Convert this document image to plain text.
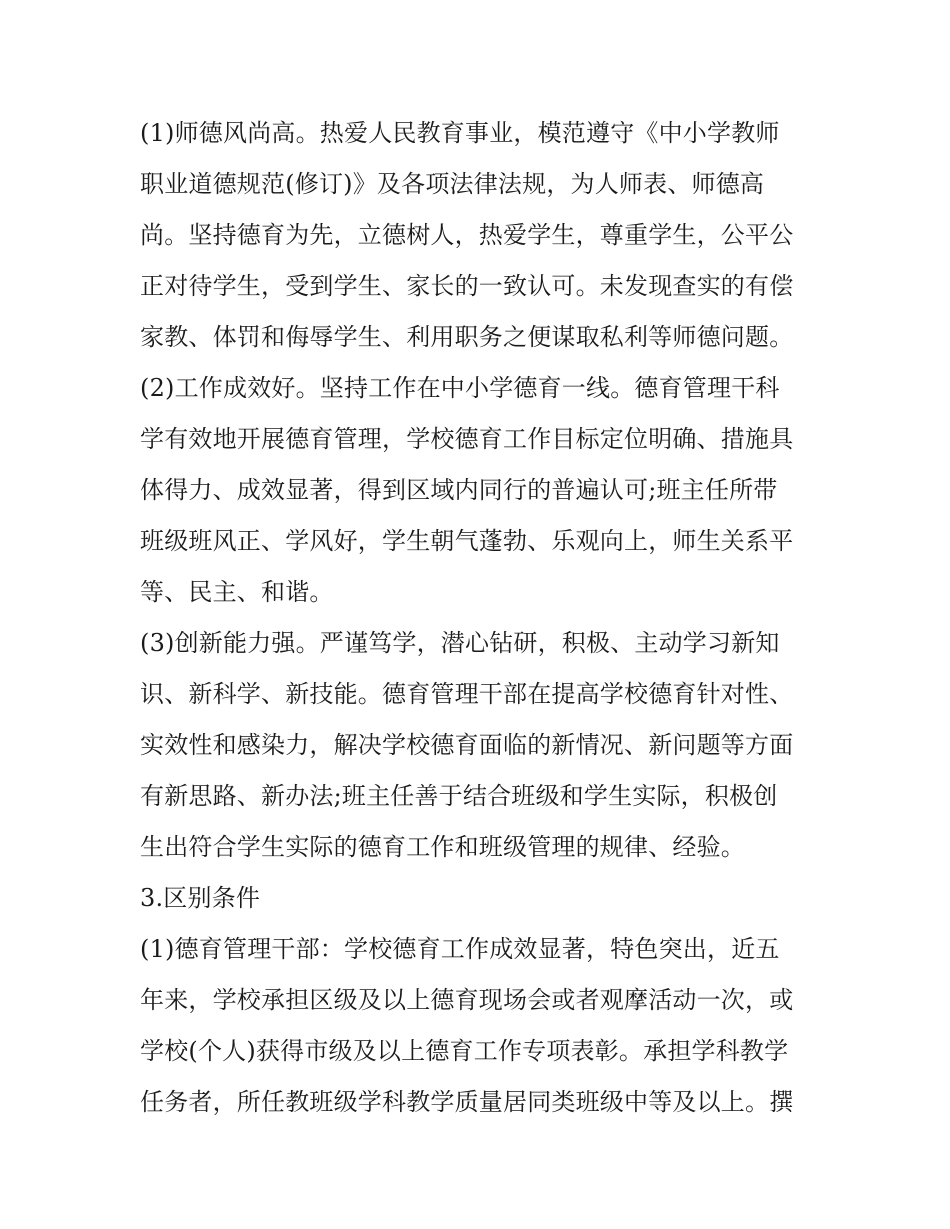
(1)师德风尚高。热爱人民教育事业，模范遵守《中小学教师
职业道德规范(修订)》及各项法律法规，为人师表、师德高
尚。坚持德育为先，立德树人，热爱学生，尊重学生，公平公
正对待学生，受到学生、家长的一致认可。未发现查实的有偿
家教、体罚和侮辱学生、利用职务之便谋取私利等师德问题。
(2)工作成效好。坚持工作在中小学德育一线。德育管理干科
学有效地开展德育管理，学校德育工作目标定位明确、措施具
体得力、成效显著，得到区域内同行的普遍认可;班主任所带
班级班风正、学风好，学生朝气蓬勃、乐观向上，师生关系平
等、民主、和谐。
(3)创新能力强。严谨笃学，潜心钻研，积极、主动学习新知
识、新科学、新技能。德育管理干部在提高学校德育针对性、
实效性和感染力，解决学校德育面临的新情况、新问题等方面
有新思路、新办法;班主任善于结合班级和学生实际，积极创
生出符合学生实际的德育工作和班级管理的规律、经验。
3.区别条件
(1)德育管理干部：学校德育工作成效显著，特色突出，近五
年来，学校承担区级及以上德育现场会或者观摩活动一次，或
学校(个人)获得市级及以上德育工作专项表彰。承担学科教学
任务者，所任教班级学科教学质量居同类班级中等及以上。撰
